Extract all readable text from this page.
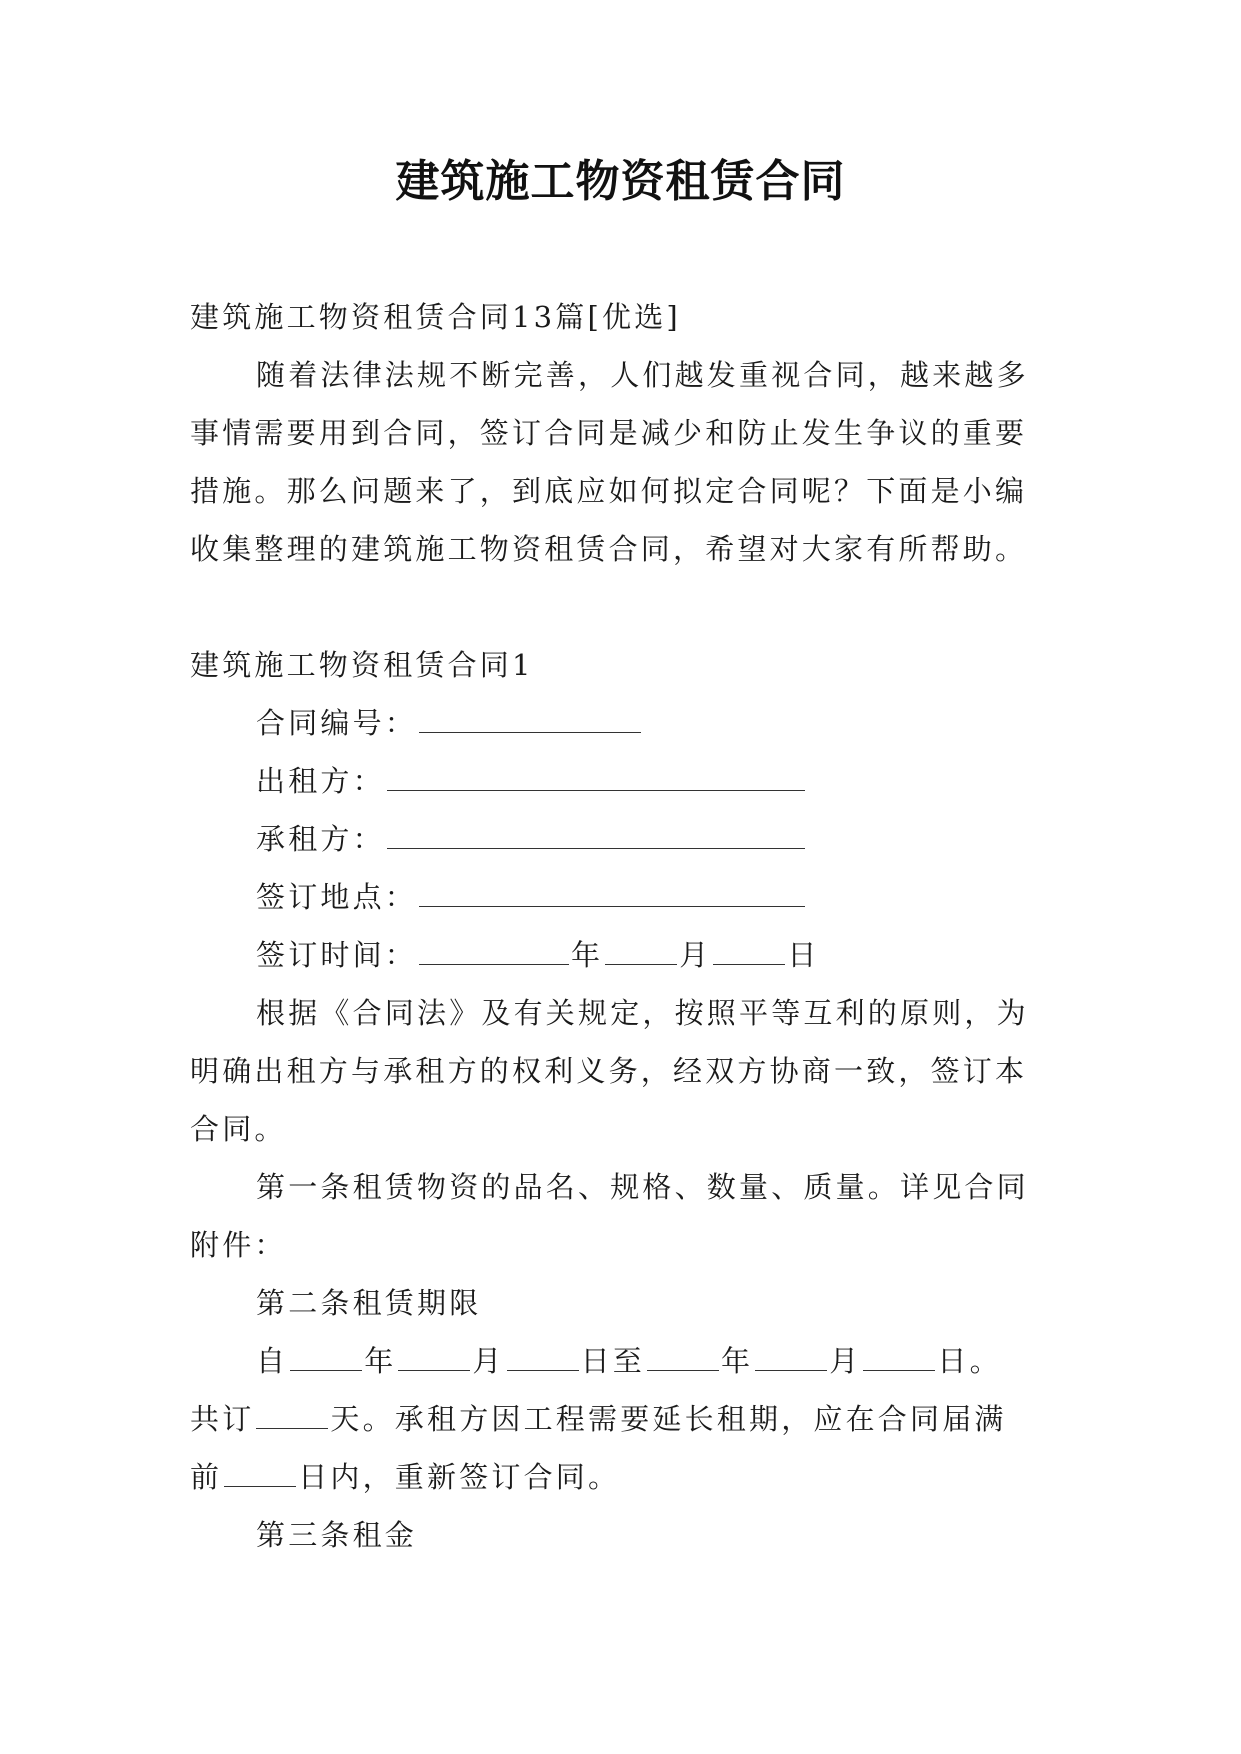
建筑施工物资租赁合同

建筑施工物资租赁合同13篇[优选]

随着法律法规不断完善，人们越发重视合同，越来越多

事情需要用到合同，签订合同是减少和防止发生争议的重要

措施。那么问题来了，到底应如何拟定合同呢？下面是小编

收集整理的建筑施工物资租赁合同，希望对大家有所帮助。

建筑施工物资租赁合同1

合同编号：

出租方：

承租方：

签订地点：

签订时间：	年	月	日

根据《合同法》及有关规定，按照平等互利的原则，为

明确出租方与承租方的权利义务，经双方协商一致，签订本

合同。

第一条租赁物资的品名、规格、数量、质量。详见合同

附件：

第二条租赁期限

自	年	月	日至	年	月	日。

共订	天。承租方因工程需要延长租期，应在合同届满

前	日内，重新签订合同。

第三条租金
